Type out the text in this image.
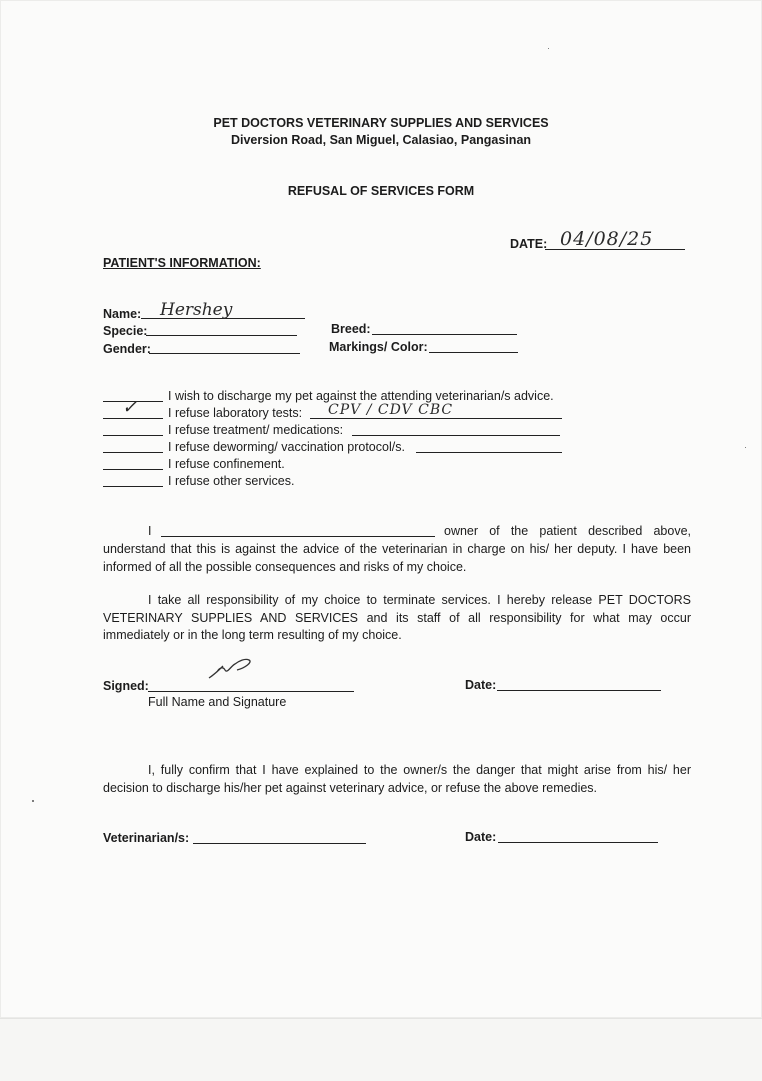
PET DOCTORS VETERINARY SUPPLIES AND SERVICES
Diversion Road, San Miguel, Calasiao, Pangasinan
REFUSAL OF SERVICES FORM
DATE: 04/08/25
PATIENT'S INFORMATION:
Name: Hershey
Specie:
Gender:
Breed:
Markings/ Color:
I wish to discharge my pet against the attending veterinarian/s advice.
✓ I refuse laboratory tests: CPV / CDV CBC
I refuse treatment/ medications:
I refuse deworming/ vaccination protocol/s.
I refuse confinement.
I refuse other services.
I	owner of the patient described above,
understand that this is against the advice of the veterinarian in charge on his/ her deputy. I have been informed of all the possible consequences and risks of my choice.
I take all responsibility of my choice to terminate services. I hereby release PET DOCTORS VETERINARY SUPPLIES AND SERVICES and its staff of all responsibility for what may occur immediately or in the long term resulting of my choice.
Signed:
Full Name and Signature
Date:
I, fully confirm that I have explained to the owner/s the danger that might arise from his/ her decision to discharge his/her pet against veterinary advice, or refuse the above remedies.
Veterinarian/s:	Date:
